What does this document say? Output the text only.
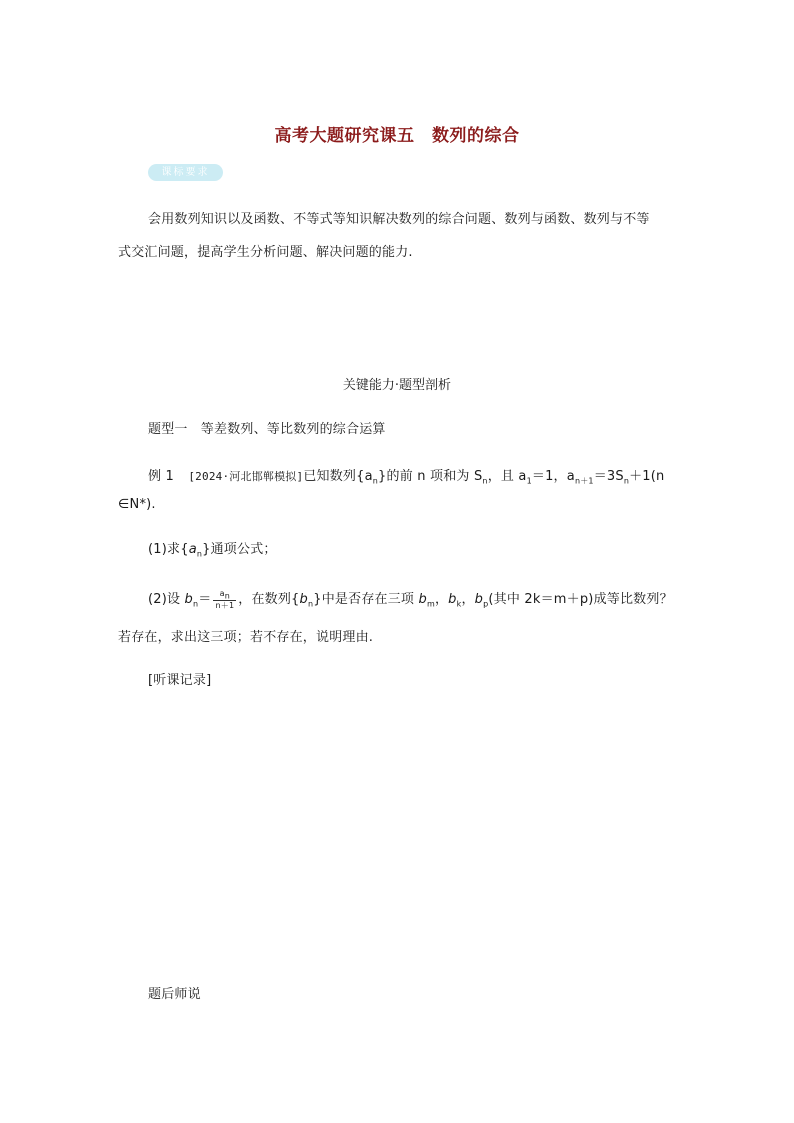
高考大题研究课五　数列的综合
课标要求
会用数列知识以及函数、不等式等知识解决数列的综合问题、数列与函数、数列与不等
式交汇问题，提高学生分析问题、解决问题的能力.
关键能力·题型剖析
题型一　等差数列、等比数列的综合运算
例 1 [2024·河北邯郸模拟]已知数列$\{a_n\}$的前 n 项和为 $S_n$，且 $a_1=1$，$a_{n+1}=3S_n+1(n$
∈N*).
(1)求$\{a_n\}$通项公式；
(2)设 $b_n= \frac{a_n}{n+1}$ ，在数列$\{b_n\}$中是否存在三项 $b_m$，$b_k$，$b_p$(其中 2k＝m＋p)成等比数列？
若存在，求出这三项；若不存在，说明理由.
[听课记录]
题后师说
